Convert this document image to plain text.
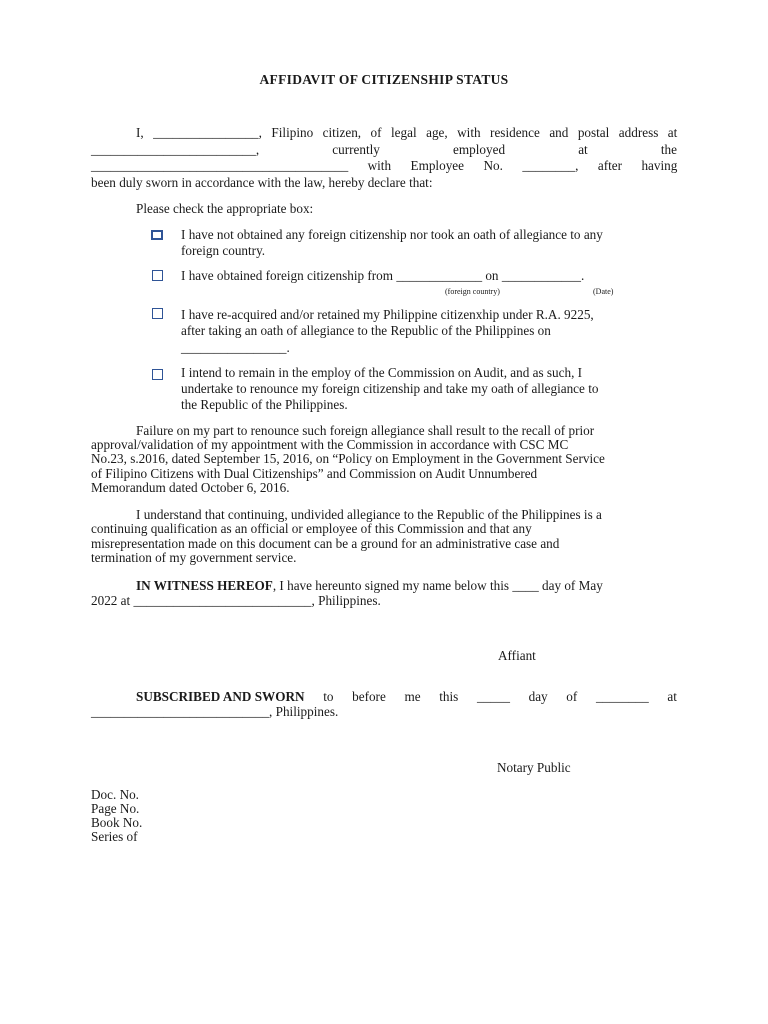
AFFIDAVIT OF CITIZENSHIP STATUS
I, ________________, Filipino citizen, of legal age, with residence and postal address at
_________________________,	currently	employed	at	the
_______________________________________ with Employee No. ________, after having
been duly sworn in accordance with the law, hereby declare that:
Please check the appropriate box:
I have not obtained any foreign citizenship nor took an oath of allegiance to any
foreign country.
I have obtained foreign citizenship from _____________ on ____________.
(foreign country)	(Date)
I have re-acquired and/or retained my Philippine citizenxhip under R.A. 9225,
after taking an oath of allegiance to the Republic of the Philippines on
________________.
I intend to remain in the employ of the Commission on Audit, and as such, I
undertake to renounce my foreign citizenship and take my oath of allegiance to
the Republic of the Philippines.
Failure on my part to renounce such foreign allegiance shall result to the recall of prior
approval/validation of my appointment with the Commission in accordance with CSC MC
No.23, s.2016, dated September 15, 2016, on “Policy on Employment in the Government Service
of Filipino Citizens with Dual Citizenships” and Commission on Audit Unnumbered
Memorandum dated October 6, 2016.
I understand that continuing, undivided allegiance to the Republic of the Philippines is a
continuing qualification as an official or employee of this Commission and that any
misrepresentation made on this document can be a ground for an administrative case and
termination of my government service.
IN WITNESS HEREOF, I have hereunto signed my name below this ____ day of May
2022 at ___________________________, Philippines.
Affiant
SUBSCRIBED AND SWORN to before me this _____ day of ________ at
___________________________, Philippines.
Notary Public
Doc. No.
Page No.
Book No.
Series of
